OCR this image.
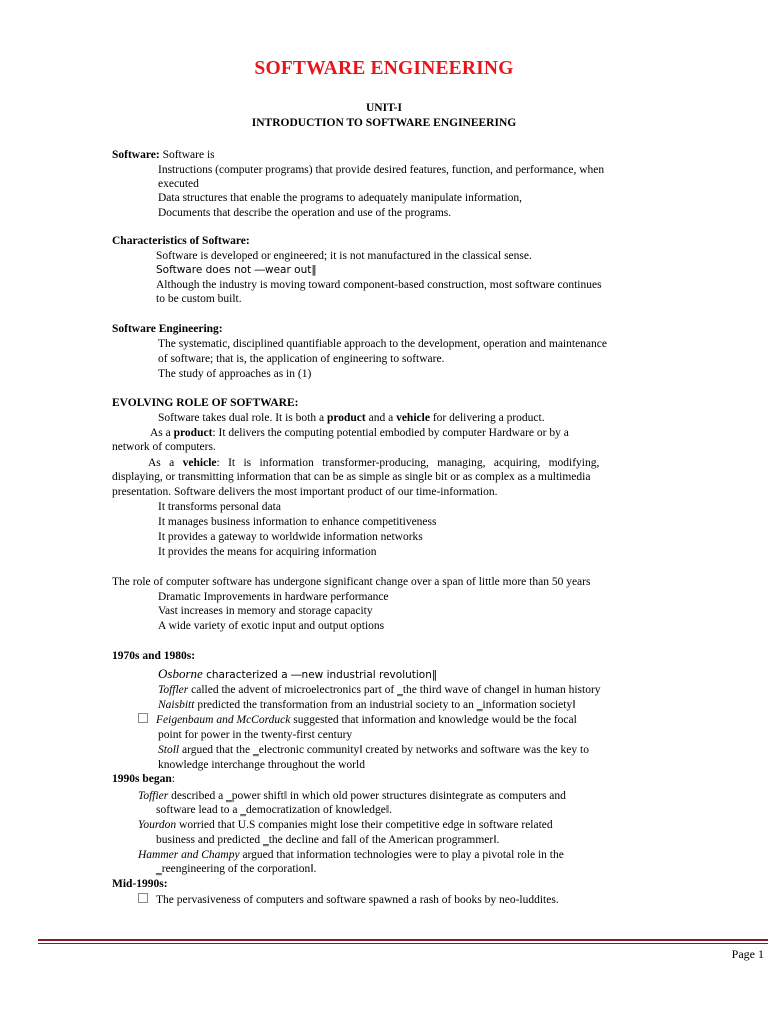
SOFTWARE ENGINEERING
UNIT-I
INTRODUCTION TO SOFTWARE ENGINEERING
Software: Software is
Instructions (computer programs) that provide desired features, function, and performance, when
executed
Data structures that enable the programs to adequately manipulate information,
Documents that describe the operation and use of the programs.
Characteristics of Software:
Software is developed or engineered; it is not manufactured in the classical sense.
Software does not ―wear out‖
Although the industry is moving toward component-based construction, most software continues
to be custom built.
Software Engineering:
The systematic, disciplined quantifiable approach to the development, operation and maintenance
of software; that is, the application of engineering to software.
The study of approaches as in (1)
EVOLVING ROLE OF SOFTWARE:
Software takes dual role. It is both a product and a vehicle for delivering a product.
As a product: It delivers the computing potential embodied by computer Hardware or by a
network of computers.
As a vehicle: It is information transformer-producing, managing, acquiring, modifying,
displaying, or transmitting information that can be as simple as single bit or as complex as a multimedia
presentation. Software delivers the most important product of our time-information.
It transforms personal data
It manages business information to enhance competitiveness
It provides a gateway to worldwide information networks
It provides the means for acquiring information
The role of computer software has undergone significant change over a span of little more than 50 years
Dramatic Improvements in hardware performance
Vast increases in memory and storage capacity
A wide variety of exotic input and output options
1970s and 1980s:
Osborne characterized a ―new industrial revolution‖
Toffler called the advent of microelectronics part of ‗the third wave of change‖ in human history
Naisbitt predicted the transformation from an industrial society to an ‗information society‖
Feigenbaum and McCorduck suggested that information and knowledge would be the focal
point for power in the twenty-first century
Stoll argued that the ‗electronic community‖ created by networks and software was the key to
knowledge interchange throughout the world
1990s began:
Toffier described a ‗power shift‖ in which old power structures disintegrate as computers and
software lead to a ‗democratization of knowledge‖.
Yourdon worried that U.S companies might lose their competitive edge in software related
business and predicted ‗the decline and fall of the American programmer‖.
Hammer and Champy argued that information technologies were to play a pivotal role in the
‗reengineering of the corporation‖.
Mid-1990s:
The pervasiveness of computers and software spawned a rash of books by neo-luddites.
Page 1
